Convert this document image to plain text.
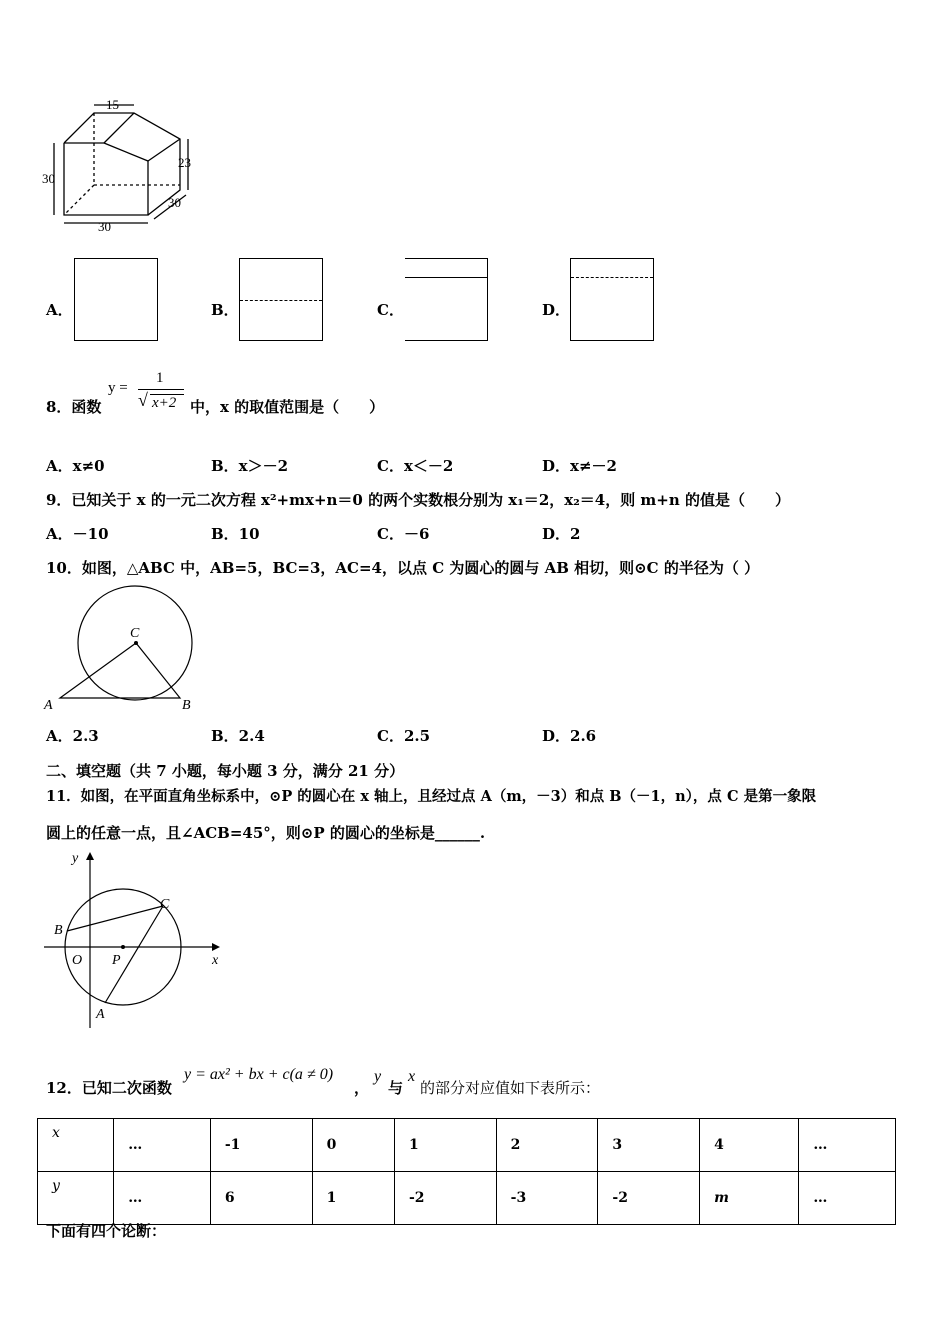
15
30
23
30
30
A．	B．	C．	D．
8．函数
y =
1
√ x+2 中，x 的取值范围是（　　）
A．x≠0	B．x＞－2	C．x＜－2	D．x≠－2
9．已知关于 x 的一元二次方程 x²+mx+n＝0 的两个实数根分别为 x₁＝2，x₂＝4，则 m+n 的值是（　　）
A．－10	B．10	C．－6	D．2
10．如图，△ABC 中，AB=5，BC=3，AC=4，以点 C 为圆心的圆与 AB 相切，则⊙C 的半径为（ ）
C
A	B
A．2.3	B．2.4	C．2.5	D．2.6
二、填空题（共 7 小题，每小题 3 分，满分 21 分）
11．如图，在平面直角坐标系中，⊙P 的圆心在 x 轴上，且经过点 A（m，－3）和点 B（－1，n），点 C 是第一象限
圆上的任意一点，且∠ACB=45°，则⊙P 的圆心的坐标是______.
y
x
O P
A
B
C
12．已知二次函数
y = ax² + bx + c(a ≠ 0)
，
y
与
x
的部分对应值如下表所示：
x	…	-1	0	1	2	3	4	…
y	…	6	1	-2	-3	-2	m	…
下面有四个论断：
